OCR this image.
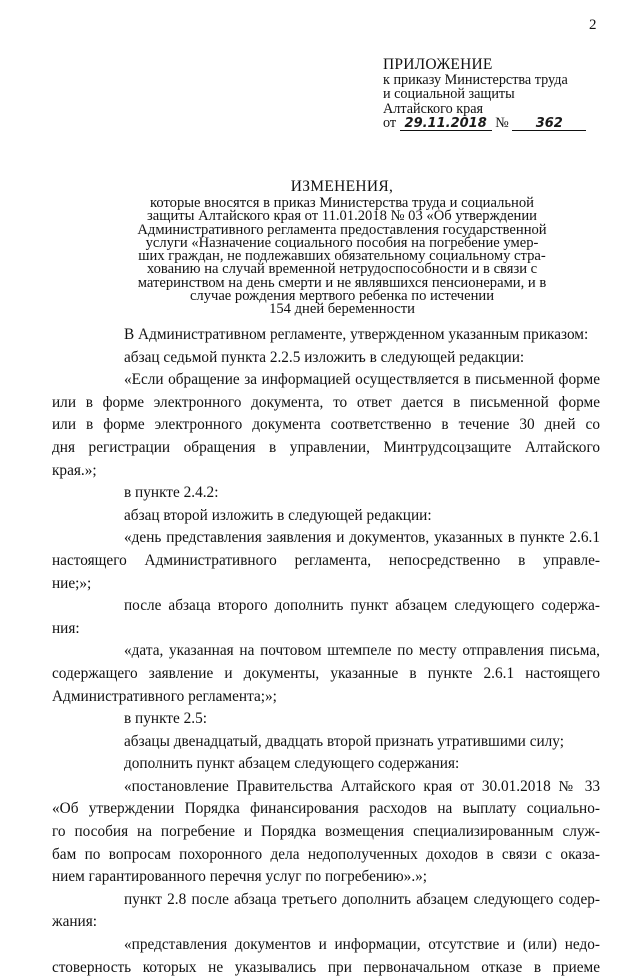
2
ПРИЛОЖЕНИЕ
к приказу Министерства труда
и социальной защиты
Алтайского края
от 29.11.2018 № 362
ИЗМЕНЕНИЯ,
которые вносятся в приказ Министерства труда и социальной
защиты Алтайского края от 11.01.2018 № 03 «Об утверждении
Административного регламента предоставления государственной
услуги «Назначение социального пособия на погребение умер-
ших граждан, не подлежавших обязательному социальному стра-
хованию на случай временной нетрудоспособности и в связи с
материнством на день смерти и не являвшихся пенсионерами, и в
случае рождения мертвого ребенка по истечении
154 дней беременности
В Административном регламенте, утвержденном указанным приказом:
абзац седьмой пункта 2.2.5 изложить в следующей редакции:
«Если обращение за информацией осуществляется в письменной форме
или в форме электронного документа, то ответ дается в письменной форме
или в форме электронного документа соответственно в течение 30 дней со
дня регистрации обращения в управлении, Минтрудсоцзащите Алтайского
края.»;
в пункте 2.4.2:
абзац второй изложить в следующей редакции:
«день представления заявления и документов, указанных в пункте 2.6.1
настоящего Административного регламента, непосредственно в управле-
ние;»;
после абзаца второго дополнить пункт абзацем следующего содержа-
ния:
«дата, указанная на почтовом штемпеле по месту отправления письма,
содержащего заявление и документы, указанные в пункте 2.6.1 настоящего
Административного регламента;»;
в пункте 2.5:
абзацы двенадцатый, двадцать второй признать утратившими силу;
дополнить пункт абзацем следующего содержания:
«постановление Правительства Алтайского края от 30.01.2018 № 33
«Об утверждении Порядка финансирования расходов на выплату социально-
го пособия на погребение и Порядка возмещения специализированным служ-
бам по вопросам похоронного дела недополученных доходов в связи с оказа-
нием гарантированного перечня услуг по погребению».»;
пункт 2.8 после абзаца третьего дополнить абзацем следующего содер-
жания:
«представления документов и информации, отсутствие и (или) недо-
стоверность которых не указывались при первоначальном отказе в приеме
